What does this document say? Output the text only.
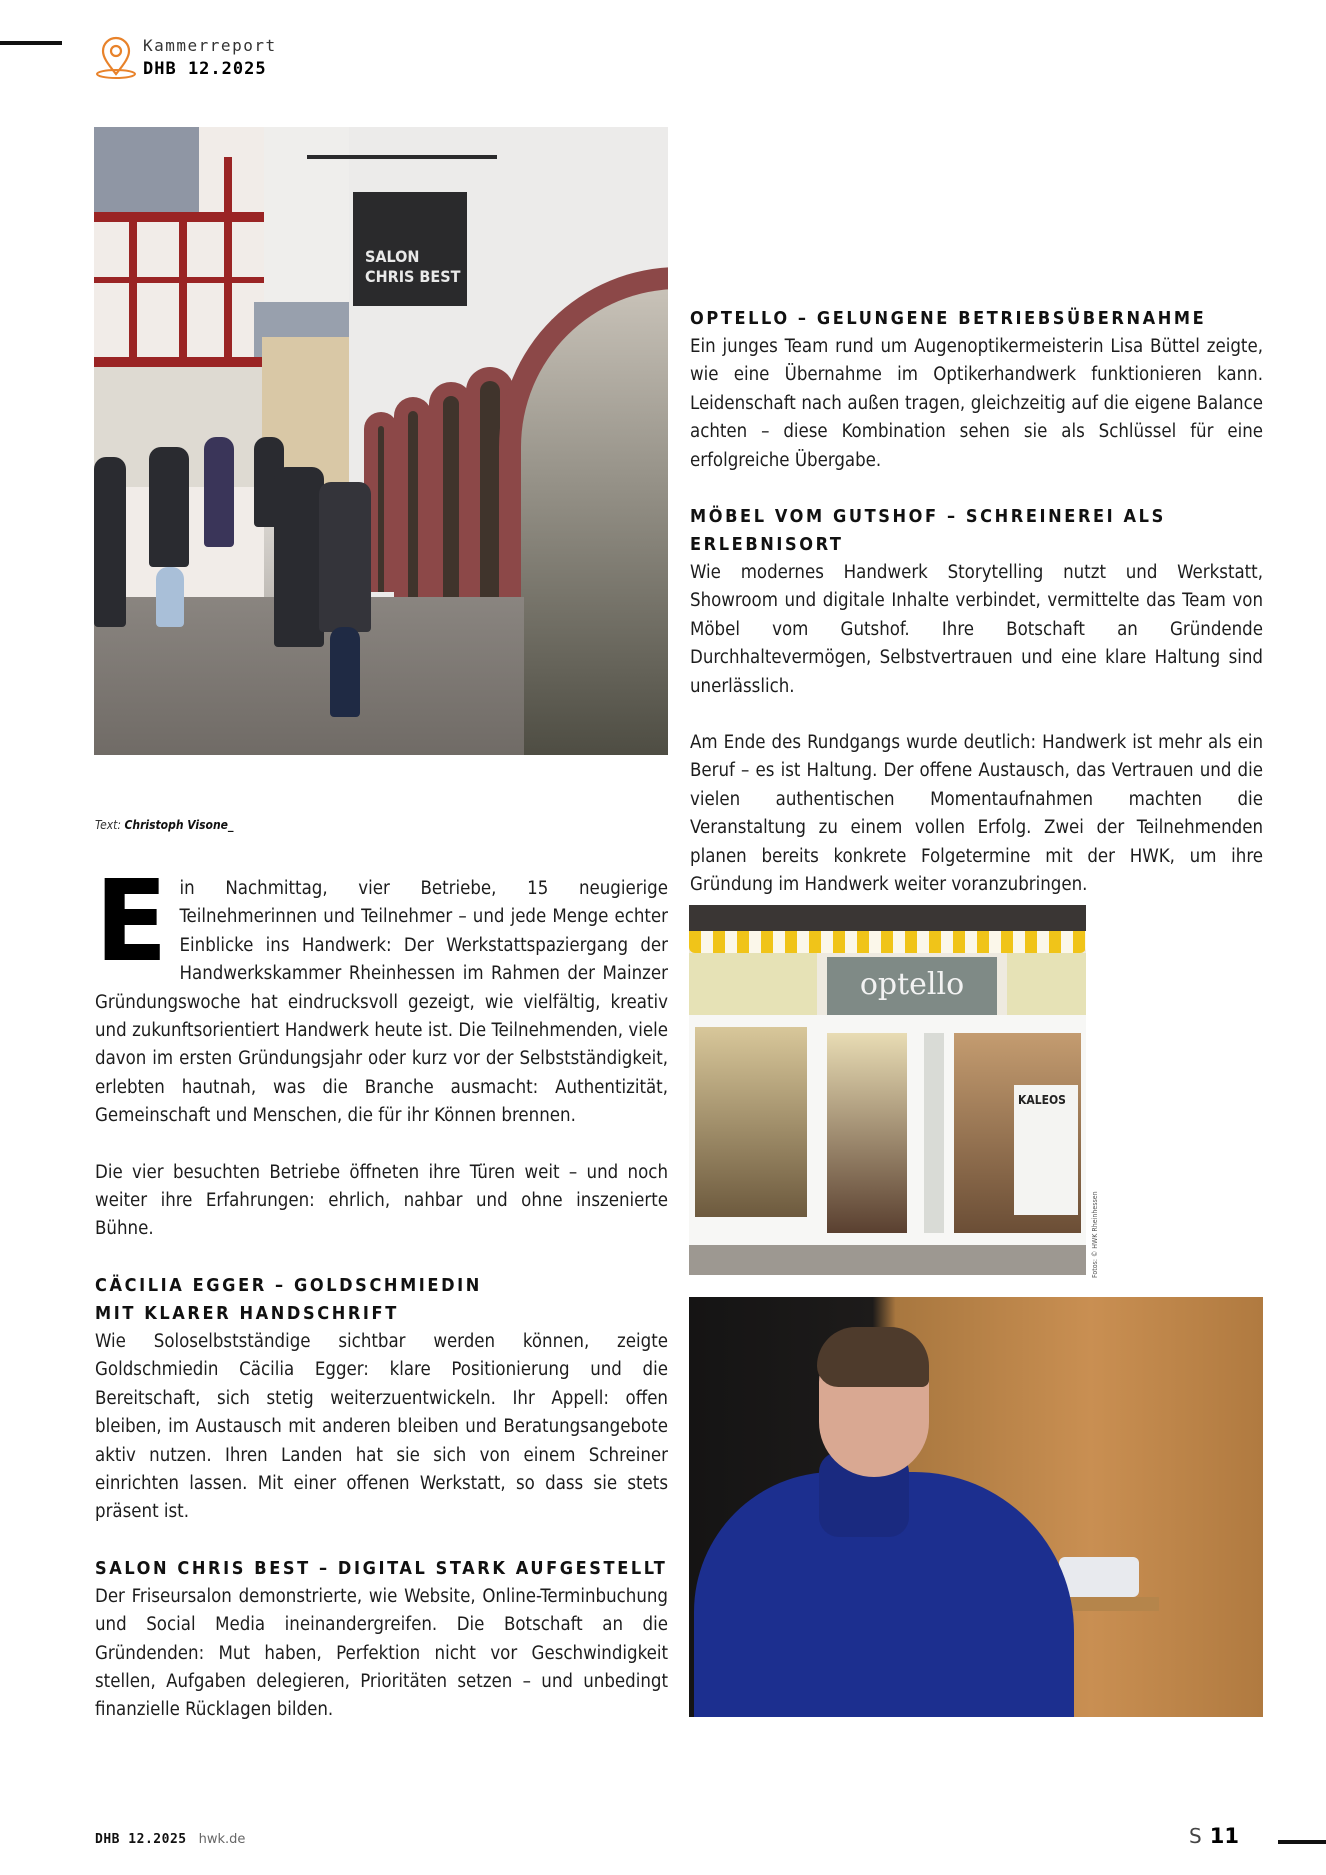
Kammerreport
DHB 12.2025
SALON
CHRIS BEST
Text: Christoph Visone_

OPTELLO – GELUNGENE BETRIEBSÜBERNAHME

Ein junges Team rund um Augenoptikermeisterin Lisa Büttel zeigte, wie eine Übernahme im Optikerhandwerk funktionieren kann. Leidenschaft nach außen tragen, gleichzeitig auf die eigene Balance achten – diese Kombination sehen sie als Schlüssel für eine erfolgreiche Übergabe.

MÖBEL VOM GUTSHOF – SCHREINEREI ALS ERLEBNISORT

Wie modernes Handwerk Storytelling nutzt und Werkstatt, Showroom und digitale Inhalte verbindet, vermittelte das Team von Möbel vom Gutshof. Ihre Botschaft an Gründende Durchhaltevermögen, Selbstvertrauen und eine klare Haltung sind unerlässlich.

Am Ende des Rundgangs wurde deutlich: Handwerk ist mehr als ein Beruf – es ist Haltung. Der offene Austausch, das Vertrauen und die vielen authentischen Momentaufnahmen machten die Veranstaltung zu einem vollen Erfolg. Zwei der Teilnehmenden planen bereits konkrete Folgetermine mit der HWK, um ihre Gründung im Handwerk weiter voranzubringen.

Ein Nachmittag, vier Betriebe, 15 neugierige Teilnehmerinnen und Teilnehmer – und jede Menge echter Einblicke ins Handwerk: Der Werkstattspaziergang der Handwerkskammer Rheinhessen im Rahmen der Mainzer Gründungswoche hat eindrucksvoll gezeigt, wie vielfältig, kreativ und zukunftsorientiert Handwerk heute ist. Die Teilnehmenden, viele davon im ersten Gründungsjahr oder kurz vor der Selbstständigkeit, erlebten hautnah, was die Branche ausmacht: Authentizität, Gemeinschaft und Menschen, die für ihr Können brennen.

Die vier besuchten Betriebe öffneten ihre Türen weit – und noch weiter ihre Erfahrungen: ehrlich, nahbar und ohne inszenierte Bühne.

CÄCILIA EGGER – GOLDSCHMIEDIN MIT KLARER HANDSCHRIFT

Wie Soloselbstständige sichtbar werden können, zeigte Goldschmiedin Cäcilia Egger: klare Positionierung und die Bereitschaft, sich stetig weiterzuentwickeln. Ihr Appell: offen bleiben, im Austausch mit anderen bleiben und Beratungsangebote aktiv nutzen. Ihren Landen hat sie sich von einem Schreiner einrichten lassen. Mit einer offenen Werkstatt, so dass sie stets präsent ist.

SALON CHRIS BEST – DIGITAL STARK AUFGESTELLT

Der Friseursalon demonstrierte, wie Website, Online-Terminbuchung und Social Media ineinandergreifen. Die Botschaft an die Gründenden: Mut haben, Perfektion nicht vor Geschwindigkeit stellen, Aufgaben delegieren, Prioritäten setzen – und unbedingt finanzielle Rücklagen bilden.

optello
KALEOS
Fotos: © HWK Rheinhessen
DHB 12.2025 hwk.de	S 11
